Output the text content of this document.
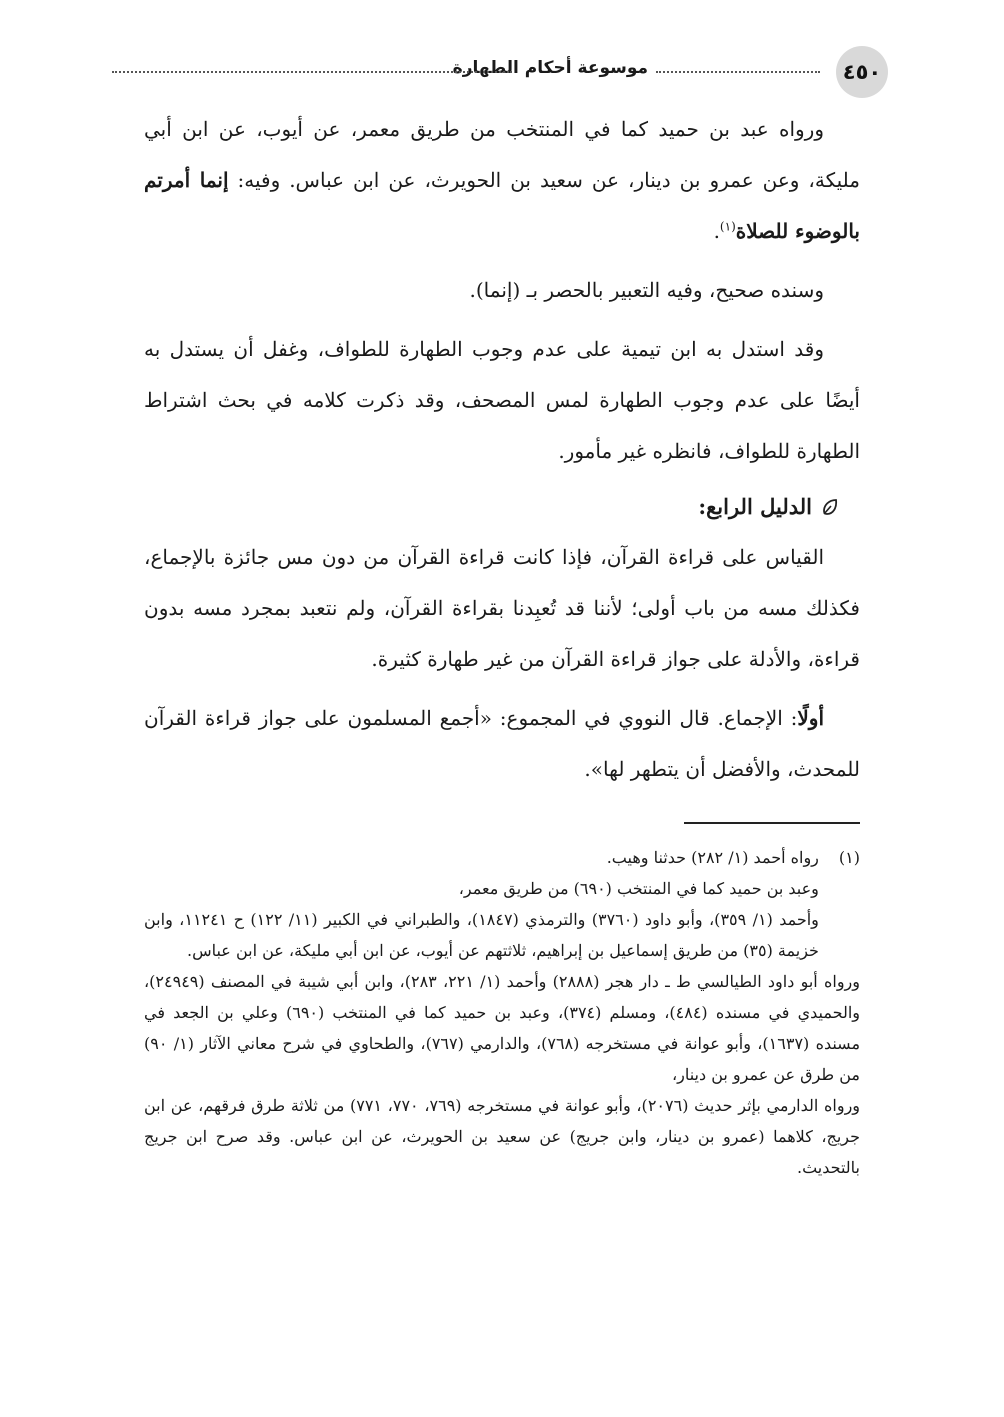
٤٥٠
موسوعة أحكام الطهارة

ورواه عبد بن حميد كما في المنتخب من طريق معمر، عن أيوب، عن ابن أبي مليكة، وعن عمرو بن دينار، عن سعيد بن الحويرث، عن ابن عباس. وفيه: إنما أمرتم بالوضوء للصلاة$^{(١)}$.

وسنده صحيح، وفيه التعبير بالحصر بـ (إنما).

وقد استدل به ابن تيمية على عدم وجوب الطهارة للطواف، وغفل أن يستدل به أيضًا على عدم وجوب الطهارة لمس المصحف، وقد ذكرت كلامه في بحث اشتراط الطهارة للطواف، فانظره غير مأمور.

الدليل الرابع:

القياس على قراءة القرآن، فإذا كانت قراءة القرآن من دون مس جائزة بالإجماع، فكذلك مسه من باب أولى؛ لأننا قد تُعبِدنا بقراءة القرآن، ولم نتعبد بمجرد مسه بدون قراءة، والأدلة على جواز قراءة القرآن من غير طهارة كثيرة.

أولًا: الإجماع. قال النووي في المجموع: «أجمع المسلمون على جواز قراءة القرآن للمحدث، والأفضل أن يتطهر لها».

(١)
رواه أحمد (١/ ٢٨٢) حدثنا وهيب.
وعبد بن حميد كما في المنتخب (٦٩٠) من طريق معمر،
وأحمد (١/ ٣٥٩)، وأبو داود (٣٧٦٠) والترمذي (١٨٤٧)، والطبراني في الكبير (١١/ ١٢٢) ح ١١٢٤١، وابن خزيمة (٣٥) من طريق إسماعيل بن إبراهيم، ثلاثتهم عن أيوب، عن ابن أبي مليكة، عن ابن عباس.
ورواه أبو داود الطيالسي ط ـ دار هجر (٢٨٨٨) وأحمد (١/ ٢٢١، ٢٨٣)، وابن أبي شيبة في المصنف (٢٤٩٤٩)، والحميدي في مسنده (٤٨٤)، ومسلم (٣٧٤)، وعبد بن حميد كما في المنتخب (٦٩٠) وعلي بن الجعد في مسنده (١٦٣٧)، وأبو عوانة في مستخرجه (٧٦٨)، والدارمي (٧٦٧)، والطحاوي في شرح معاني الآثار (١/ ٩٠) من طرق عن عمرو بن دينار،
ورواه الدارمي بإثر حديث (٢٠٧٦)، وأبو عوانة في مستخرجه (٧٦٩، ٧٧٠، ٧٧١) من ثلاثة طرق فرقهم، عن ابن جريج، كلاهما (عمرو بن دينار، وابن جريج) عن سعيد بن الحويرث، عن ابن عباس. وقد صرح ابن جريج بالتحديث.
